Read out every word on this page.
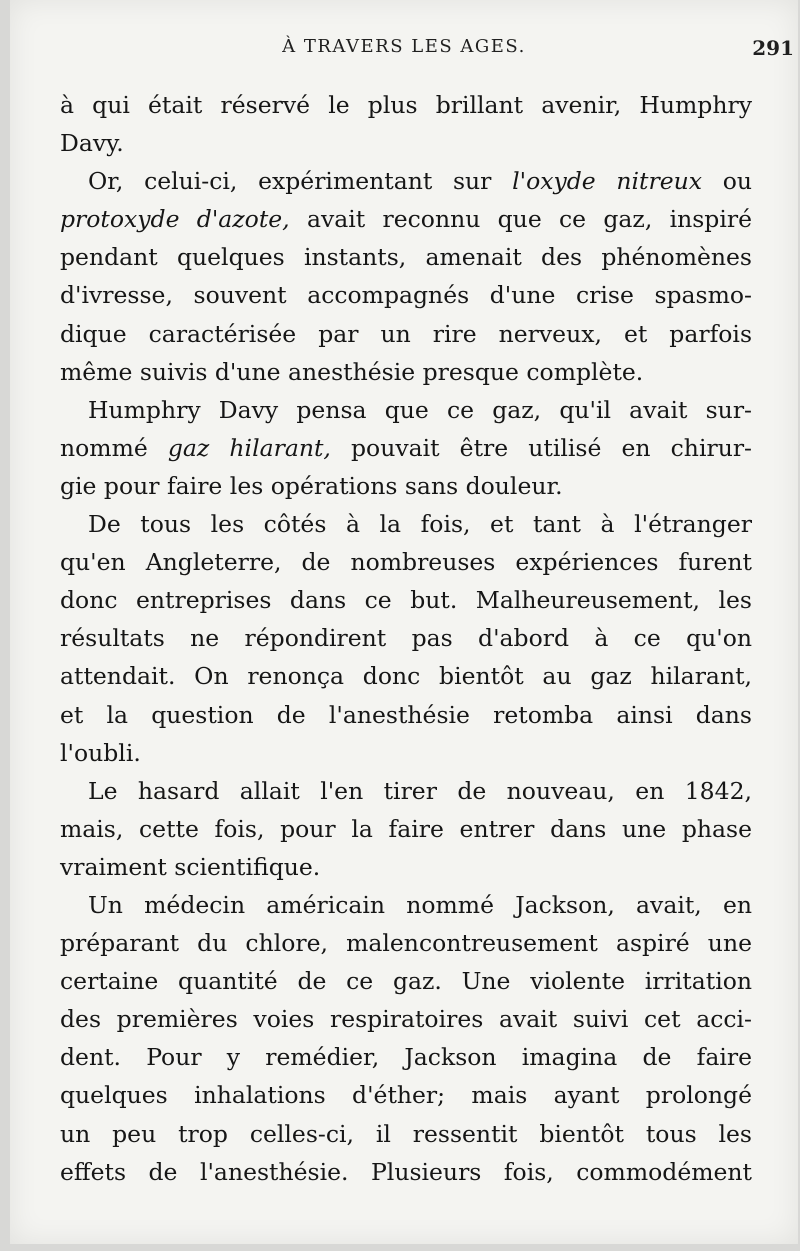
À TRAVERS LES AGES.	291
à qui était réservé le plus brillant avenir, Humphry
Davy.
Or, celui-ci, expérimentant sur l'oxyde nitreux ou
protoxyde d'azote, avait reconnu que ce gaz, inspiré
pendant quelques instants, amenait des phénomènes
d'ivresse, souvent accompagnés d'une crise spasmo-
dique caractérisée par un rire nerveux, et parfois
même suivis d'une anesthésie presque complète.
Humphry Davy pensa que ce gaz, qu'il avait sur-
nommé gaz hilarant, pouvait être utilisé en chirur-
gie pour faire les opérations sans douleur.
De tous les côtés à la fois, et tant à l'étranger
qu'en Angleterre, de nombreuses expériences furent
donc entreprises dans ce but. Malheureusement, les
résultats ne répondirent pas d'abord à ce qu'on
attendait. On renonça donc bientôt au gaz hilarant,
et la question de l'anesthésie retomba ainsi dans
l'oubli.
Le hasard allait l'en tirer de nouveau, en 1842,
mais, cette fois, pour la faire entrer dans une phase
vraiment scientifique.
Un médecin américain nommé Jackson, avait, en
préparant du chlore, malencontreusement aspiré une
certaine quantité de ce gaz. Une violente irritation
des premières voies respiratoires avait suivi cet acci-
dent. Pour y remédier, Jackson imagina de faire
quelques inhalations d'éther; mais ayant prolongé
un peu trop celles-ci, il ressentit bientôt tous les
effets de l'anesthésie. Plusieurs fois, commodément
